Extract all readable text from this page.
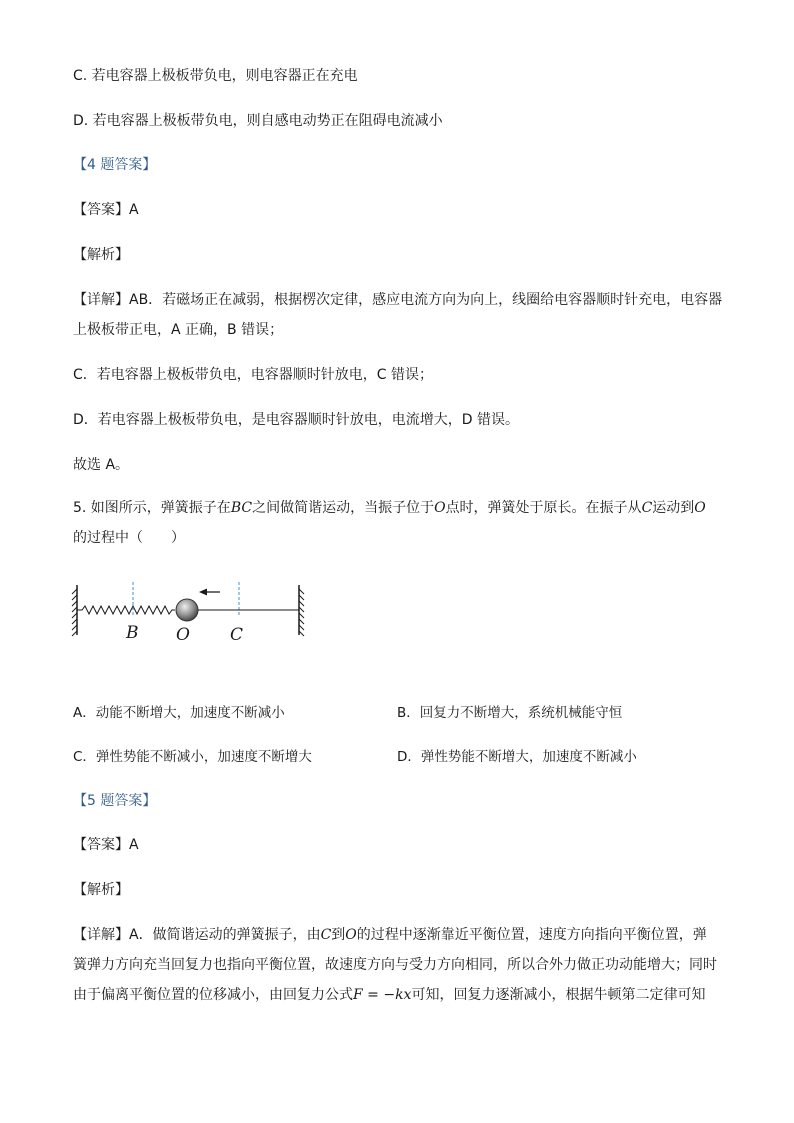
C. 若电容器上极板带负电，则电容器正在充电
D. 若电容器上极板带负电，则自感电动势正在阻碍电流减小
【4 题答案】
【答案】A
【解析】
【详解】AB．若磁场正在减弱，根据楞次定律，感应电流方向为向上，线圈给电容器顺时针充电，电容器
上极板带正电，A 正确，B 错误；
C．若电容器上极板带负电，电容器顺时针放电，C 错误；
D．若电容器上极板带负电，是电容器顺时针放电，电流增大，D 错误。
故选 A。
5. 如图所示，弹簧振子在BC之间做简谐运动，当振子位于O点时，弹簧处于原长。在振子从C运动到O
的过程中（　　）
B O C
A．动能不断增大，加速度不断减小	B．回复力不断增大，系统机械能守恒
C．弹性势能不断减小，加速度不断增大	D．弹性势能不断增大，加速度不断减小
【5 题答案】
【答案】A
【解析】
【详解】A．做简谐运动的弹簧振子，由C到O的过程中逐渐靠近平衡位置，速度方向指向平衡位置，弹
簧弹力方向充当回复力也指向平衡位置，故速度方向与受力方向相同，所以合外力做正功动能增大；同时
由于偏离平衡位置的位移减小，由回复力公式F = −kx可知，回复力逐渐减小，根据牛顿第二定律可知
